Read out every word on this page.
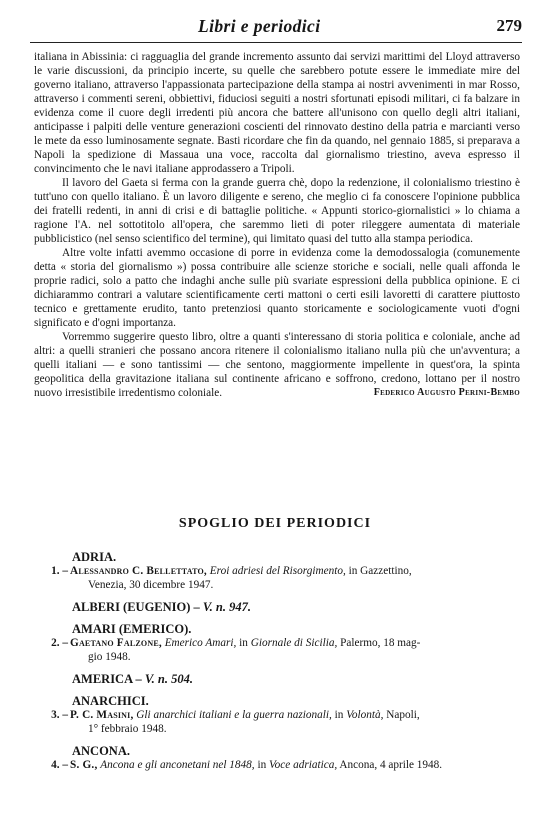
Libri e periodici	279

italiana in Abissinia: ci ragguaglia del grande incremento assunto dai servizi marittimi del Lloyd attraverso le varie discussioni, da principio incerte, su quelle che sarebbero potute essere le immediate mire del governo italiano, attraverso l'appassionata partecipazione della stampa ai nostri avvenimenti in mar Rosso, attraverso i commenti sereni, obbiettivi, fiduciosi seguiti a nostri sfortunati episodi militari, ci fa balzare in evidenza come il cuore degli irredenti più ancora che battere all'unisono con quello degli altri italiani, anticipasse i palpiti delle venture generazioni coscienti del rinnovato destino della patria e marcianti verso le mete da esso luminosamente segnate. Basti ricordare che fin da quando, nel gennaio 1885, si preparava a Napoli la spedizione di Massaua una voce, raccolta dal giornalismo triestino, aveva espresso il convincimento che le navi italiane approdassero a Tripoli.

Il lavoro del Gaeta si ferma con la grande guerra chè, dopo la redenzione, il colonialismo triestino è tutt'uno con quello italiano. È un lavoro diligente e sereno, che meglio ci fa conoscere l'opinione pubblica dei fratelli redenti, in anni di crisi e di battaglie politiche. « Appunti storico-giornalistici » lo chiama a ragione l'A. nel sottotitolo all'opera, che saremmo lieti di poter rileggere aumentata di materiale pubblicistico (nel senso scientifico del termine), qui limitato quasi del tutto alla stampa periodica.

Altre volte infatti avemmo occasione di porre in evidenza come la demodossalogia (comunemente detta « storia del giornalismo ») possa contribuire alle scienze storiche e sociali, nelle quali affonda le proprie radici, solo a patto che indaghi anche sulle più svariate espressioni della pubblica opinione. E ci dichiarammo contrari a valutare scientificamente certi mattoni o certi esili lavoretti di carattere piuttosto tecnico e grettamente erudito, tanto pretenziosi quanto storicamente e sociologicamente vuoti d'ogni significato e d'ogni importanza.

Vorremmo suggerire questo libro, oltre a quanti s'interessano di storia politica e coloniale, anche ad altri: a quelli stranieri che possano ancora ritenere il colonialismo italiano nulla più che un'avventura; a quelli italiani — e sono tantissimi — che sentono, maggiormente impellente in quest'ora, la spinta geopolitica della gravitazione italiana sul continente africano e soffrono, credono, lottano per il nostro nuovo irresistibile irredentismo coloniale.	Federico Augusto Perini-Bembo
SPOGLIO DEI PERIODICI
ADRIA.
1. – Alessandro C. Bellettato, Eroi adriesi del Risorgimento, in Gazzettino,
Venezia, 30 dicembre 1947.
ALBERI (EUGENIO) – V. n. 947.
AMARI (EMERICO).
2. – Gaetano Falzone, Emerico Amari, in Giornale di Sicilia, Palermo, 18 mag-
gio 1948.
AMERICA – V. n. 504.
ANARCHICI.
3. – P. C. Masini, Gli anarchici italiani e la guerra nazionali, in Volontà, Napoli,
1° febbraio 1948.
ANCONA.
4. – S. G., Ancona e gli anconetani nel 1848, in Voce adriatica, Ancona, 4 aprile 1948.
